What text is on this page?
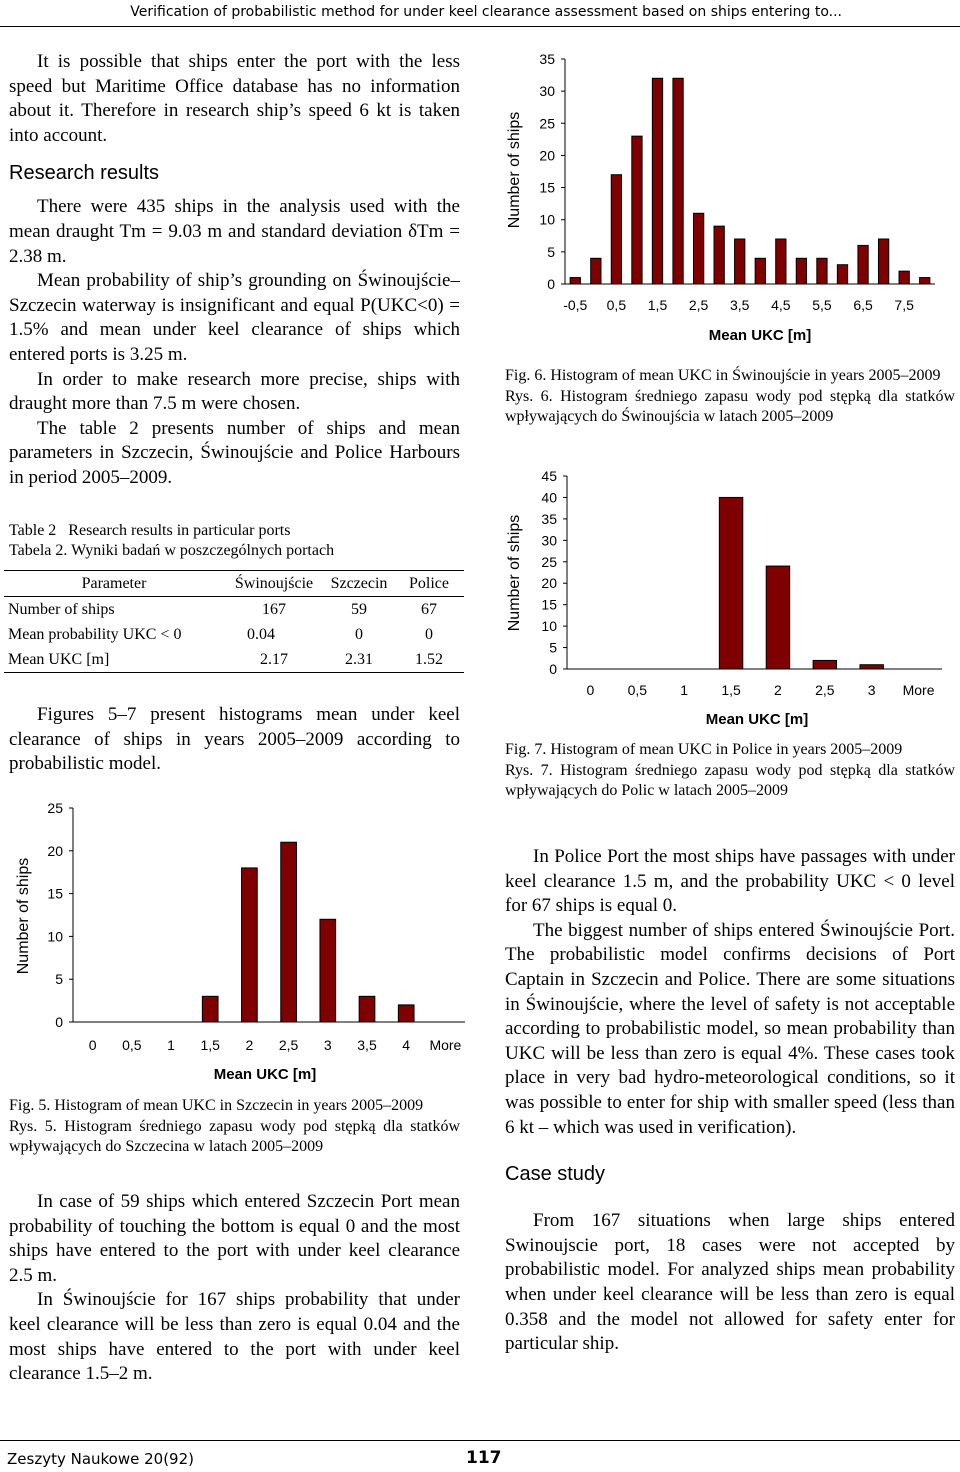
Verification of probabilistic method for under keel clearance assessment based on ships entering to...

It is possible that ships enter the port with the less speed but Maritime Office database has no information about it. Therefore in research ship’s speed 6 kt is taken into account.

Research results

There were 435 ships in the analysis used with the mean draught Tm = 9.03 m and standard deviation δTm = 2.38 m.

Mean probability of ship’s grounding on Świnoujście–Szczecin waterway is insignificant and equal P(UKC<0) = 1.5% and mean under keel clearance of ships which entered ports is 3.25 m.

In order to make research more precise, ships with draught more than 7.5 m were chosen.

The table 2 presents number of ships and mean parameters in Szczecin, Świnoujście and Police Harbours in period 2005–2009.

Table 2   Research results in particular ports
Tabela 2. Wyniki badań w poszczególnych portach
Parameter	Świnoujście	Szczecin	Police

Number of ships	167	59	67
Mean probability UKC < 0	0.04	0	0
Mean UKC [m]	2.17	2.31	1.52

Figures 5–7 present histograms mean under keel clearance of ships in years 2005–2009 according to probabilistic model.

0
5
10
15
20
25
0 0,5 1 1,5 2 2,5 3 3,5 4 More
Mean UKC [m]
Number of ships

Fig. 5. Histogram of mean UKC in Szczecin in years 2005–2009

Rys. 5. Histogram średniego zapasu wody pod stępką dla statków wpływających do Szczecina w latach 2005–2009

In case of 59 ships which entered Szczecin Port mean probability of touching the bottom is equal 0 and the most ships have entered to the port with under keel clearance 2.5 m.

In Świnoujście for 167 ships probability that under keel clearance will be less than zero is equal 0.04 and the most ships have entered to the port with under keel clearance 1.5–2 m.

0
5
10
15
20
25
30
35
-0,5 0,5 1,5 2,5 3,5 4,5 5,5 6,5 7,5
Mean UKC [m]
Number of ships

Fig. 6. Histogram of mean UKC in Świnoujście in years 2005–2009

Rys. 6. Histogram średniego zapasu wody pod stępką dla statków wpływających do Świnoujścia w latach 2005–2009

0
5
10
15
20
25
30
35
40
45
0 0,5 1 1,5 2 2,5 3 More
Mean UKC [m]
Number of ships

Fig. 7. Histogram of mean UKC in Police in years 2005–2009

Rys. 7. Histogram średniego zapasu wody pod stępką dla statków wpływających do Polic w latach 2005–2009

In Police Port the most ships have passages with under keel clearance 1.5 m, and the probability UKC < 0 level for 67 ships is equal 0.

The biggest number of ships entered Świnoujście Port. The probabilistic model confirms decisions of Port Captain in Szczecin and Police. There are some situations in Świnoujście, where the level of safety is not acceptable according to probabilistic model, so mean probability than UKC will be less than zero is equal 4%. These cases took place in very bad hydro-meteorological conditions, so it was possible to enter for ship with smaller speed (less than 6 kt – which was used in verification).

Case study

From 167 situations when large ships entered Swinoujscie port, 18 cases were not accepted by probabilistic model. For analyzed ships mean probability when under keel clearance will be less than zero is equal 0.358 and the model not allowed for safety enter for particular ship.

Zeszyty Naukowe 20(92)	117
